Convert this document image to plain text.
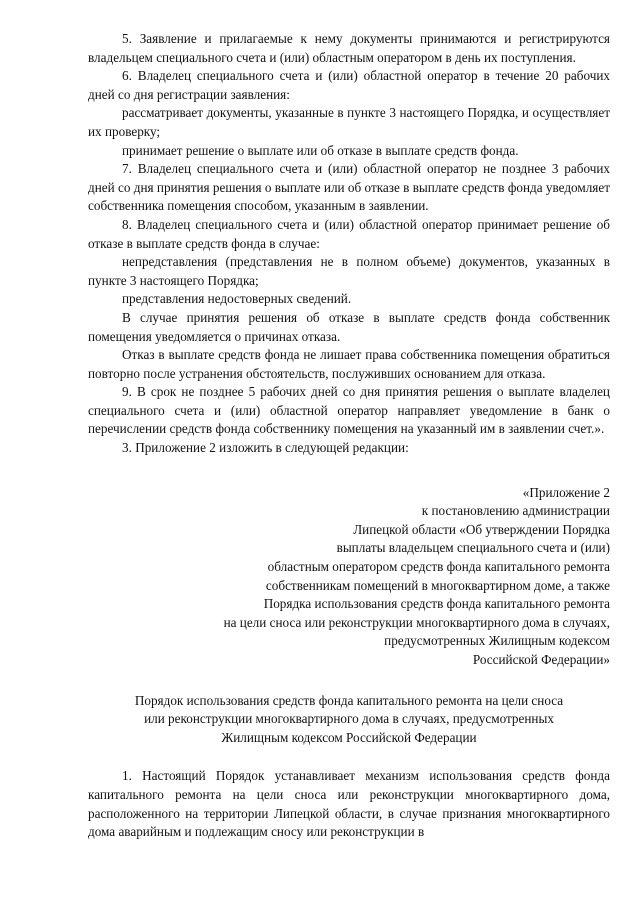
5. Заявление и прилагаемые к нему документы принимаются и регистрируются владельцем специального счета и (или) областным оператором в день их поступления.

6. Владелец специального счета и (или) областной оператор в течение 20 рабочих дней со дня регистрации заявления:

рассматривает документы, указанные в пункте 3 настоящего Порядка, и осуществляет их проверку;

принимает решение о выплате или об отказе в выплате средств фонда.

7. Владелец специального счета и (или) областной оператор не позднее 3 рабочих дней со дня принятия решения о выплате или об отказе в выплате средств фонда уведомляет собственника помещения способом, указанным в заявлении.

8. Владелец специального счета и (или) областной оператор принимает решение об отказе в выплате средств фонда в случае:

непредставления (представления не в полном объеме) документов, указанных в пункте 3 настоящего Порядка;

представления недостоверных сведений.

В случае принятия решения об отказе в выплате средств фонда собственник помещения уведомляется о причинах отказа.

Отказ в выплате средств фонда не лишает права собственника помещения обратиться повторно после устранения обстоятельств, послуживших основанием для отказа.

9. В срок не позднее 5 рабочих дней со дня принятия решения о выплате владелец специального счета и (или) областной оператор направляет уведомление в банк о перечислении средств фонда собственнику помещения на указанный им в заявлении счет.».

3. Приложение 2 изложить в следующей редакции:

«Приложение 2

к постановлению администрации

Липецкой области «Об утверждении Порядка

выплаты владельцем специального счета и (или)

областным оператором средств фонда капитального ремонта

собственникам помещений в многоквартирном доме, а также

Порядка использования средств фонда капитального ремонта

на цели сноса или реконструкции многоквартирного дома в случаях,

предусмотренных Жилищным кодексом

Российской Федерации»

Порядок использования средств фонда капитального ремонта на цели сноса

или реконструкции многоквартирного дома в случаях, предусмотренных

Жилищным кодексом Российской Федерации

1. Настоящий Порядок устанавливает механизм использования средств фонда капитального ремонта на цели сноса или реконструкции многоквартирного дома, расположенного на территории Липецкой области, в случае признания многоквартирного дома аварийным и подлежащим сносу или реконструкции в
